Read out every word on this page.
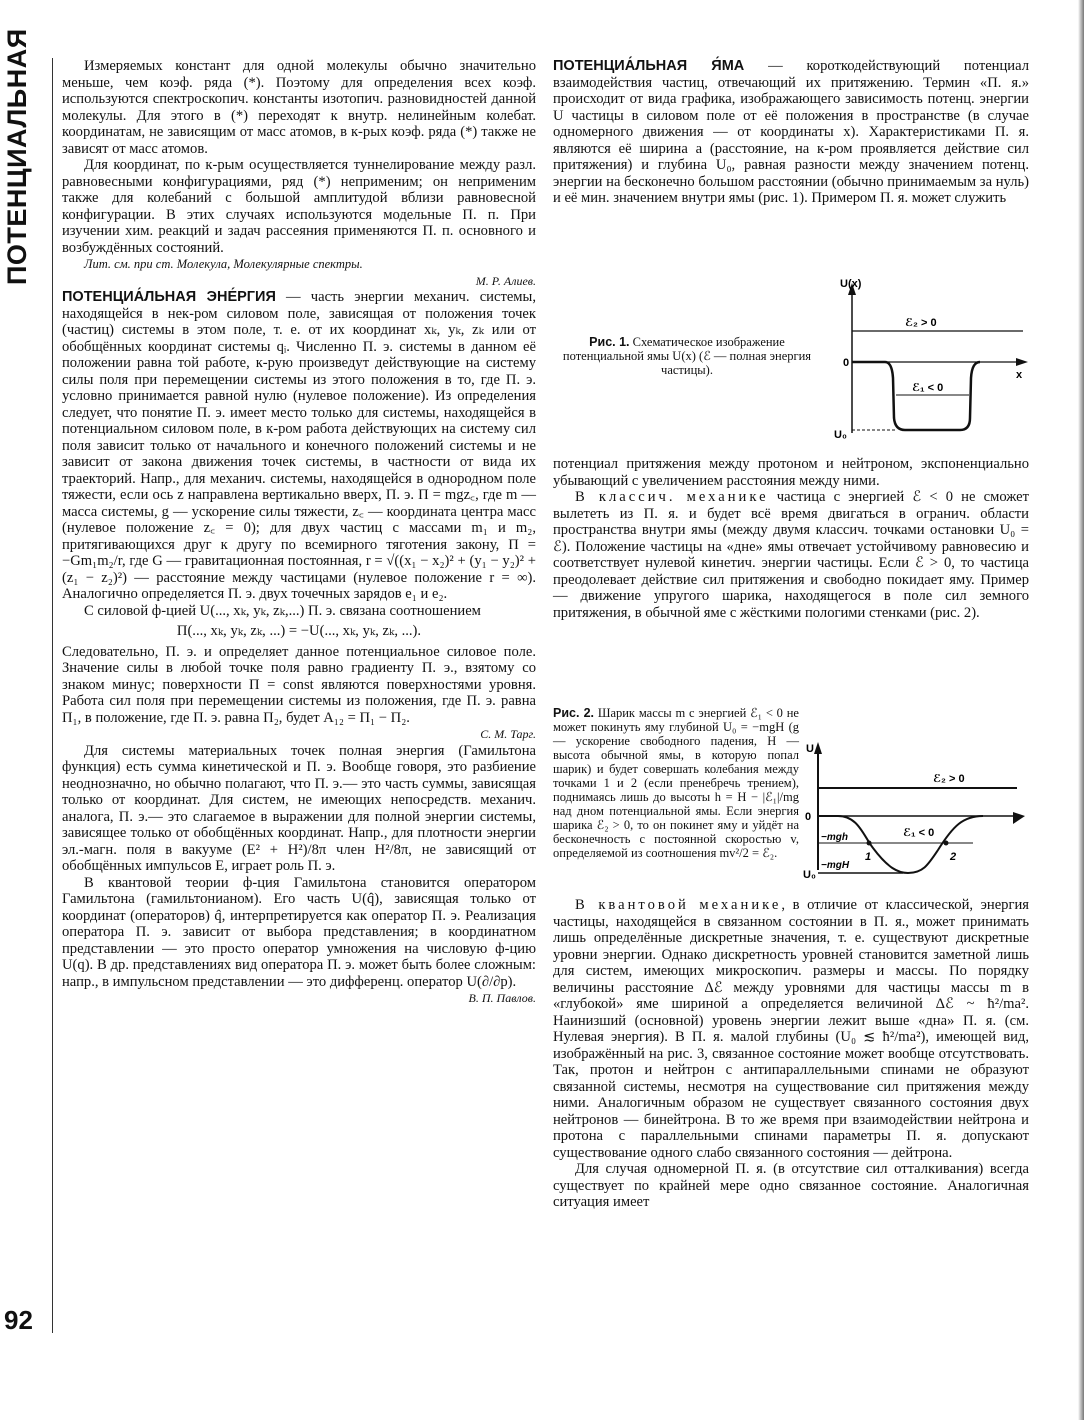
ПОТЕНЦИАЛЬНАЯ
92

Измеряемых констант для одной молекулы обычно значительно меньше, чем коэф. ряда (*). Поэтому для определения всех коэф. используются спектроскопич. константы изотопич. разновидностей данной молекулы. Для этого в (*) переходят к внутр. нелинейным колебат. координатам, не зависящим от масс атомов, в к-рых коэф. ряда (*) также не зависят от масс атомов.

Для координат, по к-рым осуществляется туннелирование между разл. равновесными конфигурациями, ряд (*) неприменим; он неприменим также для колебаний с большой амплитудой вблизи равновесной конфигурации. В этих случаях используются модельные П. п. При изучении хим. реакций и задач рассеяния применяются П. п. основного и возбуждённых состояний.

Лит. см. при ст. Молекула, Молекулярные спектры.
М. Р. Алиев.

ПОТЕНЦИА́ЛЬНАЯ ЭНЕ́РГИЯ — часть энергии механич. системы, находящейся в нек-ром силовом поле, зависящая от положения точек (частиц) системы в этом поле, т. е. от их координат xₖ, yₖ, zₖ или от обобщённых координат системы qᵢ. Численно П. э. системы в данном её положении равна той работе, к-рую произведут действующие на систему силы поля при перемещении системы из этого положения в то, где П. э. условно принимается равной нулю (нулевое положение). Из определения следует, что понятие П. э. имеет место только для системы, находящейся в потенциальном силовом поле, в к-ром работа действующих на систему сил поля зависит только от начального и конечного положений системы и не зависит от закона движения точек системы, в частности от вида их траекторий. Напр., для механич. системы, находящейся в однородном поле тяжести, если ось z направлена вертикально вверх, П. э. Π = mgz꜀, где m — масса системы, g — ускорение силы тяжести, z꜀ — координата центра масс (нулевое положение z꜀ = 0); для двух частиц с массами m₁ и m₂, притягивающихся друг к другу по всемирного тяготения закону, Π = −Gm₁m₂/r, где G — гравитационная постоянная, r = √((x₁ − x₂)² + (y₁ − y₂)² + (z₁ − z₂)²) — расстояние между частицами (нулевое положение r = ∞). Аналогично определяется П. э. двух точечных зарядов e₁ и e₂.

С силовой ф-цией U(..., xₖ, yₖ, zₖ,...) П. э. связана соотношением

Π(..., xₖ, yₖ, zₖ, ...) = −U(..., xₖ, yₖ, zₖ, ...).

Следовательно, П. э. и определяет данное потенциальное силовое поле. Значение силы в любой точке поля равно градиенту П. э., взятому со знаком минус; поверхности Π = const являются поверхностями уровня. Работа сил поля при перемещении системы из положения, где П. э. равна Π₁, в положение, где П. э. равна Π₂, будет A₁₂ = Π₁ − Π₂.
С. М. Тарг.

Для системы материальных точек полная энергия (Гамильтона функция) есть сумма кинетической и П. э. Вообще говоря, это разбиение неоднозначно, но обычно полагают, что П. э.— это часть суммы, зависящая только от координат. Для систем, не имеющих непосредств. механич. аналога, П. э.— это слагаемое в выражении для полной энергии системы, зависящее только от обобщённых координат. Напр., для плотности энергии эл.-магн. поля в вакууме (E² + H²)/8π член H²/8π, не зависящий от обобщённых импульсов E, играет роль П. э.

В квантовой теории ф-ция Гамильтона становится оператором Гамильтона (гамильтонианом). Его часть U(q̂), зависящая только от координат (операторов) q̂, интерпретируется как оператор П. э. Реализация оператора П. э. зависит от выбора представления; в координатном представлении — это просто оператор умножения на числовую ф-цию U(q). В др. представлениях вид оператора П. э. может быть более сложным: напр., в импульсном представлении — это дифференц. оператор U(∂/∂p).
В. П. Павлов.

ПОТЕНЦИА́ЛЬНАЯ Я́МА — короткодействующий потенциал взаимодействия частиц, отвечающий их притяжению. Термин «П. я.» происходит от вида графика, изображающего зависимость потенц. энергии U частицы в силовом поле от её положения в пространстве (в случае одномерного движения — от координаты x). Характеристиками П. я. являются её ширина a (расстояние, на к-ром проявляется действие сил притяжения) и глубина U₀, равная разности между значением потенц. энергии на бесконечно большом расстоянии (обычно принимаемым за нуль) и её мин. значением внутри ямы (рис. 1). Примером П. я. может служить

Рис. 1. Схематическое изображение потенциальной ямы U(x) (ℰ — полная энергия частицы).
U(x)
ℰ₂ > 0
0
x
ℰ₁ < 0
U₀

потенциал притяжения между протоном и нейтроном, экспоненциально убывающий с увеличением расстояния между ними.

В классич. механике частица с энергией ℰ < 0 не сможет вылететь из П. я. и будет всё время двигаться в огранич. области пространства внутри ямы (между двумя классич. точками остановки U₀ = ℰ). Положение частицы на «дне» ямы отвечает устойчивому равновесию и соответствует нулевой кинетич. энергии частицы. Если ℰ > 0, то частица преодолевает действие сил притяжения и свободно покидает яму. Пример — движение упругого шарика, находящегося в поле сил земного притяжения, в обычной яме с жёсткими пологими стенками (рис. 2).

Рис. 2. Шарик массы m с энергией ℰ₁ < 0 не может покинуть яму глубиной U₀ = −mgH (g — ускорение свободного падения, H — высота обычной ямы, в которую попал шарик) и будет совершать колебания между точками 1 и 2 (если пренебречь трением), поднимаясь лишь до высоты h = H − |ℰ₁|/mg над дном потенциальной ямы. Если энергия шарика ℰ₂ > 0, то он покинет яму и уйдёт на бесконечность с постоянной скоростью v, определяемой из соотношения mv²/2 = ℰ₂.
U
ℰ₂ > 0
0
ℰ₁ < 0
−mgh
−mgH
U₀
1	2

В квантовой механике, в отличие от классической, энергия частицы, находящейся в связанном состоянии в П. я., может принимать лишь определённые дискретные значения, т. е. существуют дискретные уровни энергии. Однако дискретность уровней становится заметной лишь для систем, имеющих микроскопич. размеры и массы. По порядку величины расстояние Δℰ между уровнями для частицы массы m в «глубокой» яме шириной a определяется величиной Δℰ ~ ħ²/ma². Наинизший (основной) уровень энергии лежит выше «дна» П. я. (см. Нулевая энергия). В П. я. малой глубины (U₀ ≲ ħ²/ma²), имеющей вид, изображённый на рис. 3, связанное состояние может вообще отсутствовать. Так, протон и нейтрон с антипараллельными спинами не образуют связанной системы, несмотря на существование сил притяжения между ними. Аналогичным образом не существует связанного состояния двух нейтронов — бинейтрона. В то же время при взаимодействии нейтрона и протона с параллельными спинами параметры П. я. допускают существование одного слабо связанного состояния — дейтрона.

Для случая одномерной П. я. (в отсутствие сил отталкивания) всегда существует по крайней мере одно связанное состояние. Аналогичная ситуация имеет
